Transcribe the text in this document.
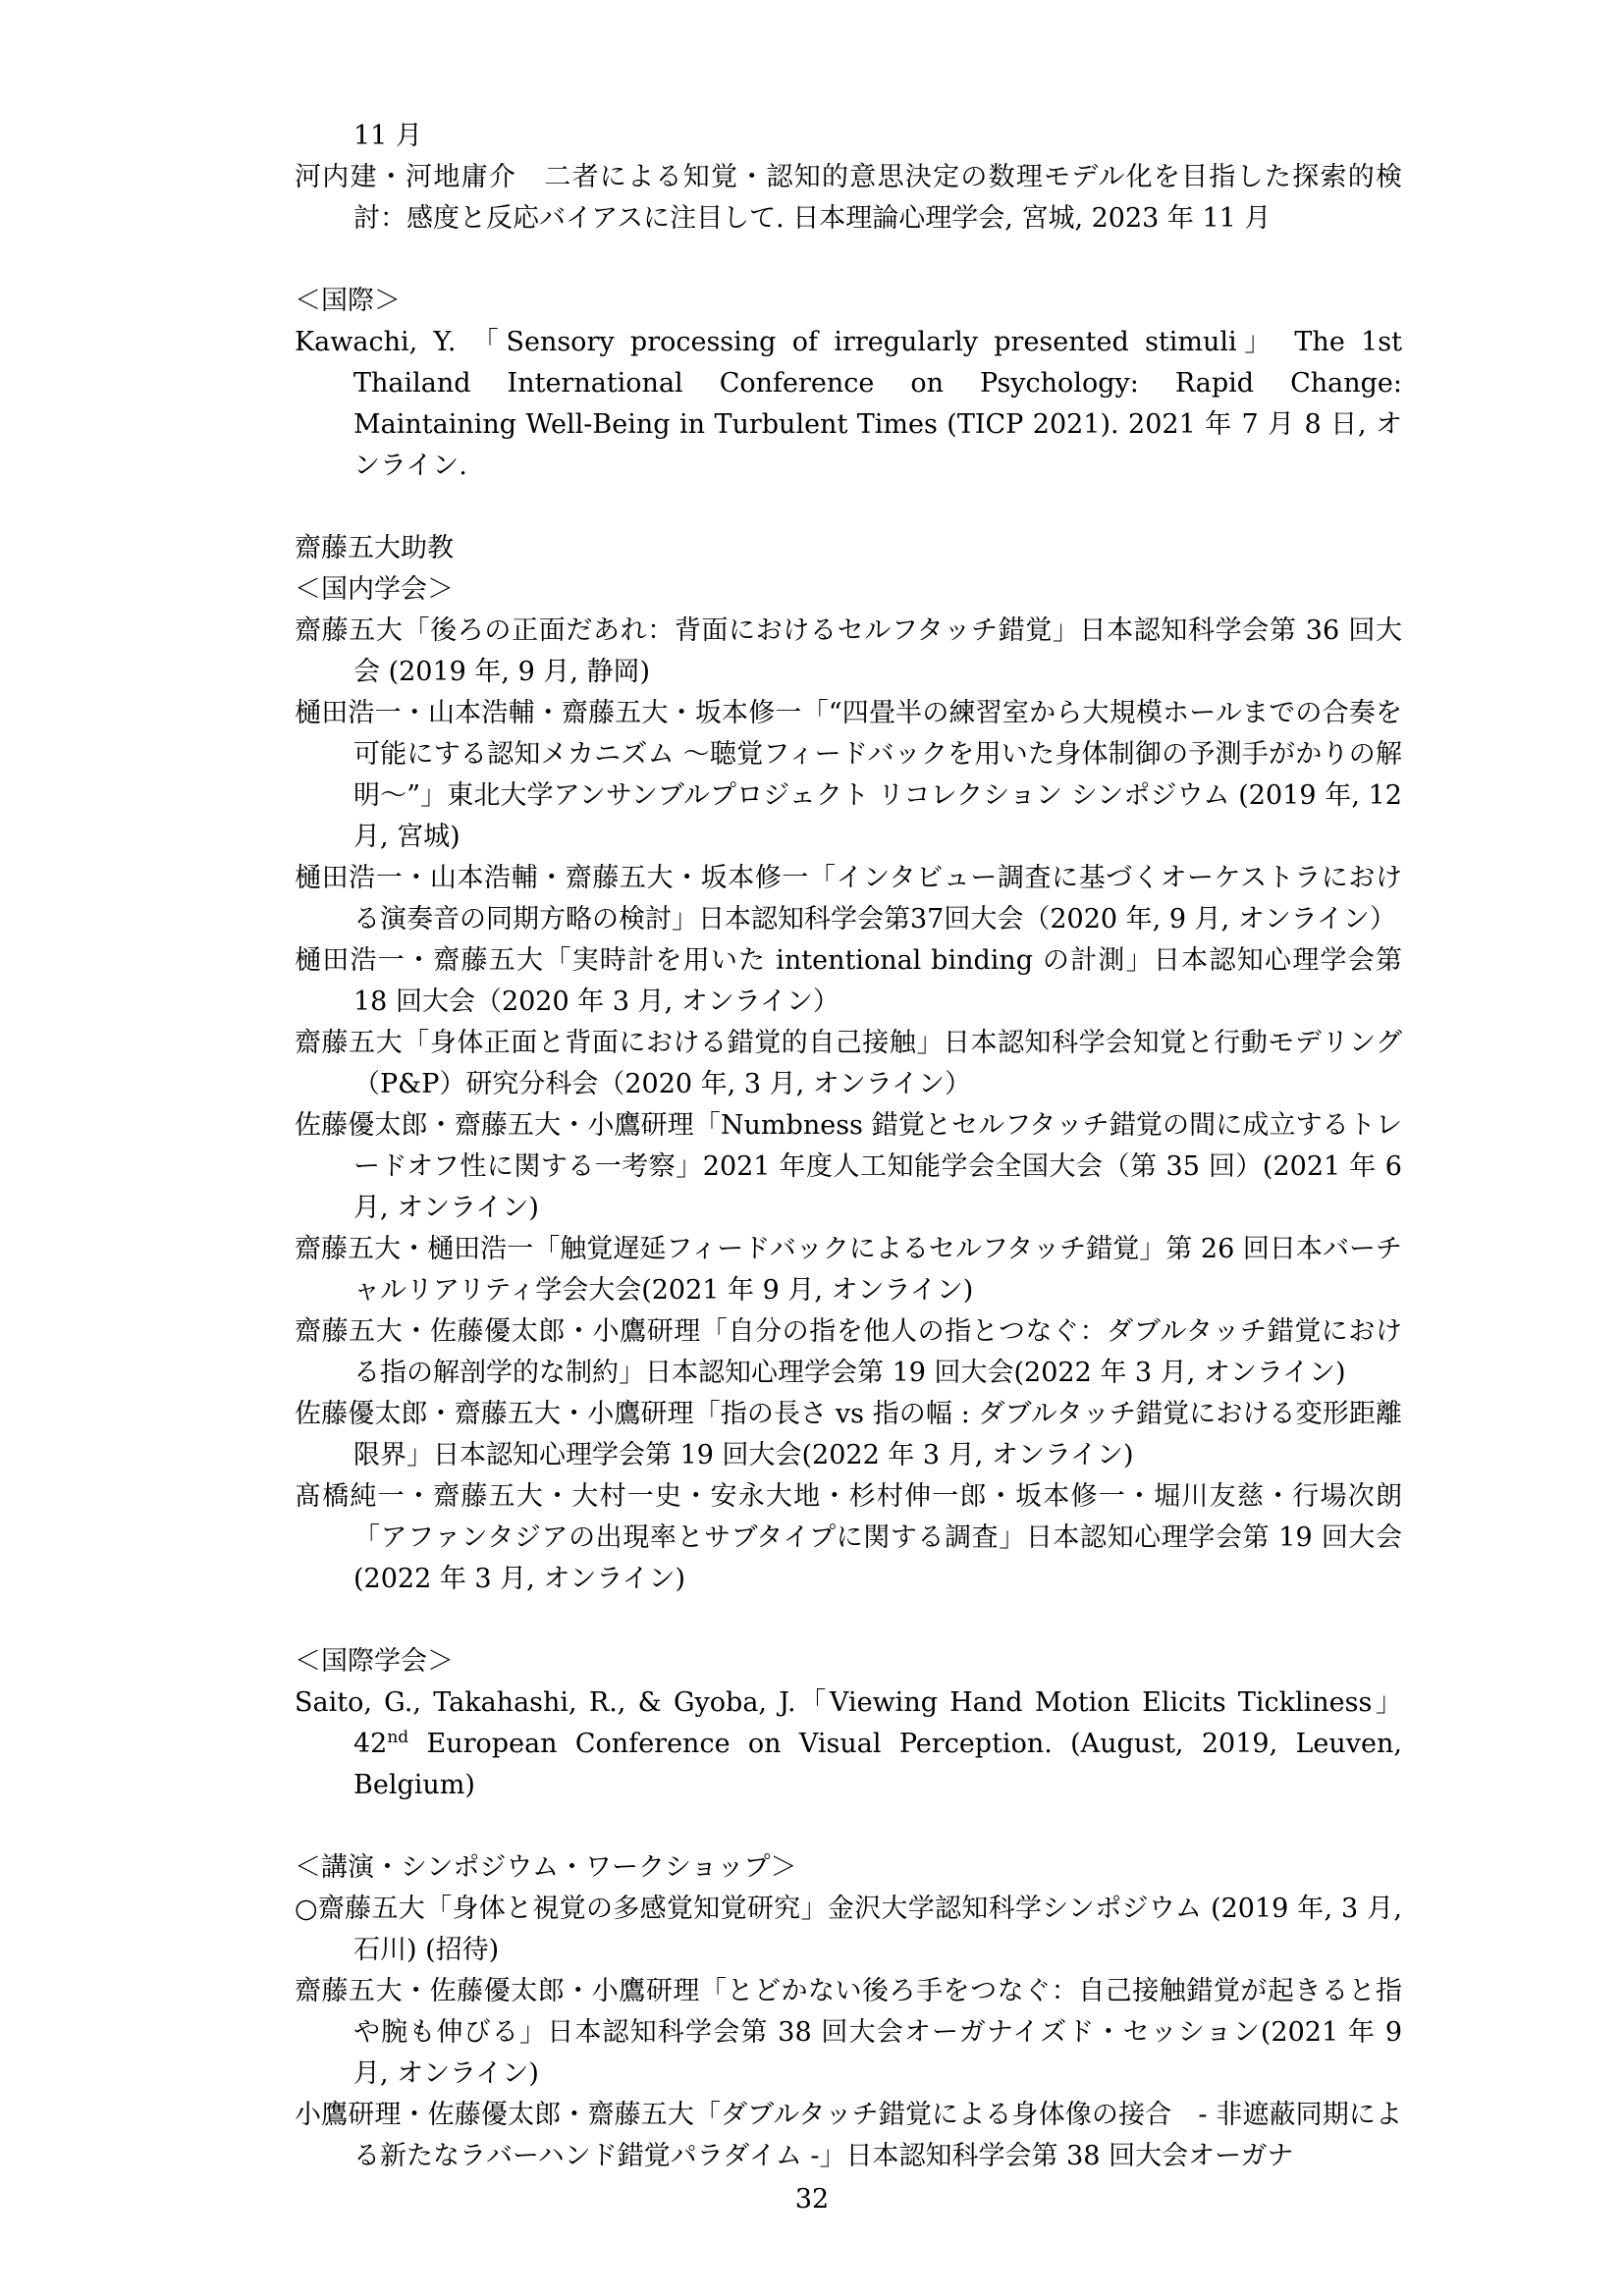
11 月
河内建・河地庸介　二者による知覚・認知的意思決定の数理モデル化を目指した探索的検討：感度と反応バイアスに注目して. 日本理論心理学会, 宮城, 2023 年 11 月
＜国際＞
Kawachi, Y. 「Sensory processing of irregularly presented stimuli」 The 1st Thailand International Conference on Psychology: Rapid Change: Maintaining Well-Being in Turbulent Times (TICP 2021). 2021 年 7 月 8 日, オンライン.
齋藤五大助教
＜国内学会＞
齋藤五大「後ろの正面だあれ：背面におけるセルフタッチ錯覚」日本認知科学会第 36 回大会 (2019 年, 9 月, 静岡)
樋田浩一・山本浩輔・齋藤五大・坂本修一「“四畳半の練習室から大規模ホールまでの合奏を可能にする認知メカニズム ～聴覚フィードバックを用いた身体制御の予測手がかりの解明～”」東北大学アンサンブルプロジェクト リコレクション シンポジウム (2019 年, 12 月, 宮城)
樋田浩一・山本浩輔・齋藤五大・坂本修一「インタビュー調査に基づくオーケストラにおける演奏音の同期方略の検討」日本認知科学会第37回大会（2020 年, 9 月, オンライン）
樋田浩一・齋藤五大「実時計を用いた intentional binding の計測」日本認知心理学会第 18 回大会（2020 年 3 月, オンライン）
齋藤五大「身体正面と背面における錯覚的自己接触」日本認知科学会知覚と行動モデリング（P&P）研究分科会（2020 年, 3 月, オンライン）
佐藤優太郎・齋藤五大・小鷹研理「Numbness 錯覚とセルフタッチ錯覚の間に成立するトレードオフ性に関する一考察」2021 年度人工知能学会全国大会（第 35 回）(2021 年 6 月, オンライン)
齋藤五大・樋田浩一「触覚遅延フィードバックによるセルフタッチ錯覚」第 26 回日本バーチャルリアリティ学会大会(2021 年 9 月, オンライン)
齋藤五大・佐藤優太郎・小鷹研理「自分の指を他人の指とつなぐ：ダブルタッチ錯覚における指の解剖学的な制約」日本認知心理学会第 19 回大会(2022 年 3 月, オンライン)
佐藤優太郎・齋藤五大・小鷹研理「指の長さ vs 指の幅 : ダブルタッチ錯覚における変形距離限界」日本認知心理学会第 19 回大会(2022 年 3 月, オンライン)
髙橋純一・齋藤五大・大村一史・安永大地・杉村伸一郎・坂本修一・堀川友慈・行場次朗「アファンタジアの出現率とサブタイプに関する調査」日本認知心理学会第 19 回大会(2022 年 3 月, オンライン)
＜国際学会＞
Saito, G., Takahashi, R., & Gyoba, J.「Viewing Hand Motion Elicits Tickliness」42nd European Conference on Visual Perception. (August, 2019, Leuven, Belgium)
＜講演・シンポジウム・ワークショップ＞
○齋藤五大「身体と視覚の多感覚知覚研究」金沢大学認知科学シンポジウム (2019 年, 3 月, 石川) (招待)
齋藤五大・佐藤優太郎・小鷹研理「とどかない後ろ手をつなぐ：自己接触錯覚が起きると指や腕も伸びる」日本認知科学会第 38 回大会オーガナイズド・セッション(2021 年 9 月, オンライン)
小鷹研理・佐藤優太郎・齋藤五大「ダブルタッチ錯覚による身体像の接合　- 非遮蔽同期による新たなラバーハンド錯覚パラダイム -」日本認知科学会第 38 回大会オーガナ
32
